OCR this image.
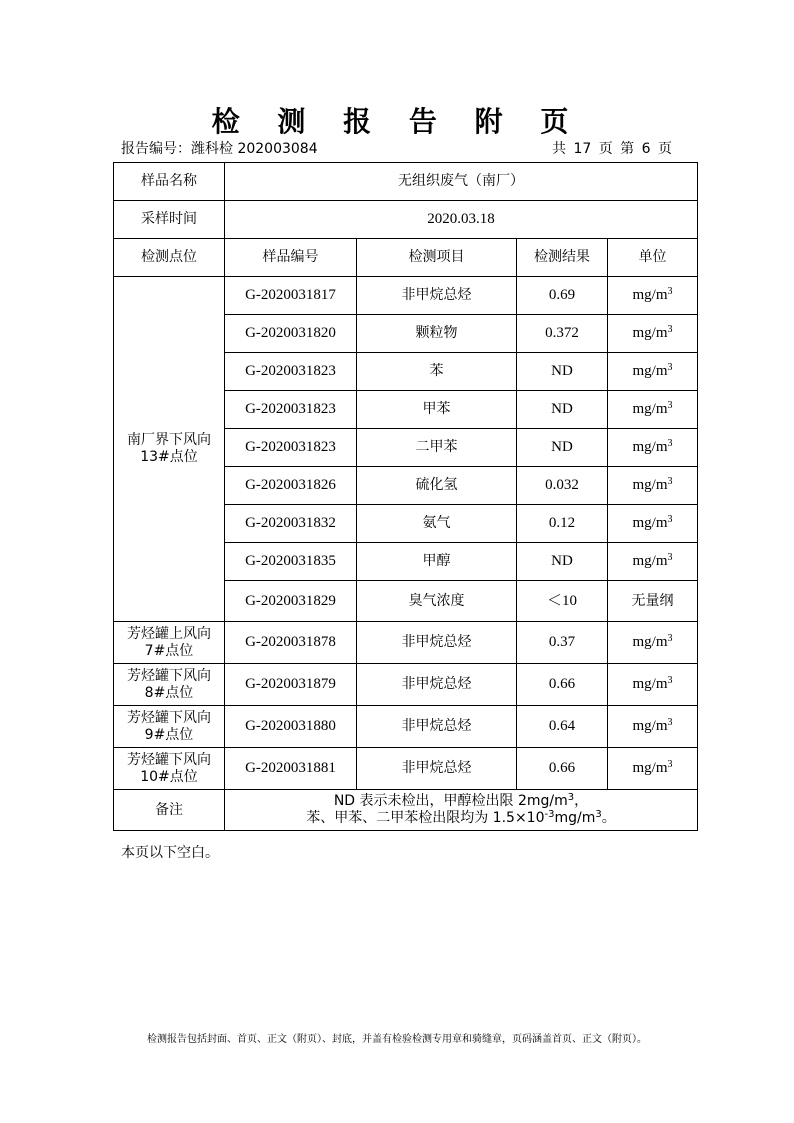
检 测 报 告 附 页
报告编号：潍科检 202003084	共 17 页 第 6 页
样品名称	无组织废气（南厂）			
采样时间	2020.03.18			
检测点位	样品编号	检测项目	检测结果	单位
南厂界下风向13#点位	G-2020031817	非甲烷总烃	0.69	$mg/m^3$
	G-2020031820	颗粒物	0.372	$mg/m^3$
	G-2020031823	苯	ND	$mg/m^3$
	G-2020031823	甲苯	ND	$mg/m^3$
	G-2020031823	二甲苯	ND	$mg/m^3$
	G-2020031826	硫化氢	0.032	$mg/m^3$
	G-2020031832	氨气	0.12	$mg/m^3$
	G-2020031835	甲醇	ND	$mg/m^3$
	G-2020031829	臭气浓度	＜10	无量纲
芳烃罐上风向7#点位	G-2020031878	非甲烷总烃	0.37	$mg/m^3$
芳烃罐下风向8#点位	G-2020031879	非甲烷总烃	0.66	$mg/m^3$
芳烃罐下风向9#点位	G-2020031880	非甲烷总烃	0.64	$mg/m^3$
芳烃罐下风向10#点位	G-2020031881	非甲烷总烃	0.66	$mg/m^3$
备注	ND 表示未检出，甲醇检出限 $2mg/m^3$，
苯、甲苯、二甲苯检出限均为 $1.5\times 10^{-3}mg/m^3$。			
本页以下空白。
检测报告包括封面、首页、正文（附页）、封底，并盖有检验检测专用章和骑缝章，页码涵盖首页、正文（附页）。
